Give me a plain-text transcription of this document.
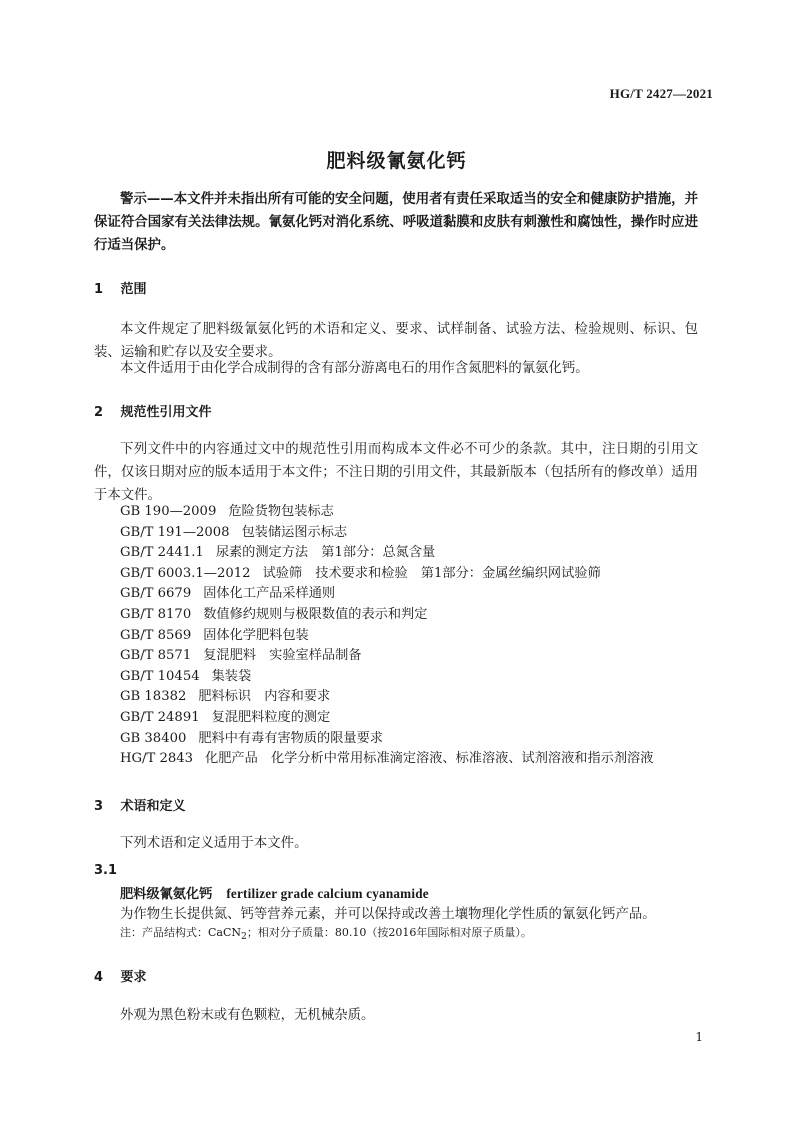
HG/T 2427—2021
肥料级氰氨化钙
警示——本文件并未指出所有可能的安全问题，使用者有责任采取适当的安全和健康防护措施，并保证符合国家有关法律法规。氰氨化钙对消化系统、呼吸道黏膜和皮肤有刺激性和腐蚀性，操作时应进行适当保护。
1 范围
本文件规定了肥料级氰氨化钙的术语和定义、要求、试样制备、试验方法、检验规则、标识、包装、运输和贮存以及安全要求。
本文件适用于由化学合成制得的含有部分游离电石的用作含氮肥料的氰氨化钙。
2 规范性引用文件
下列文件中的内容通过文中的规范性引用而构成本文件必不可少的条款。其中，注日期的引用文件，仅该日期对应的版本适用于本文件；不注日期的引用文件，其最新版本（包括所有的修改单）适用于本文件。
GB 190—2009 危险货物包装标志
GB/T 191—2008 包装储运图示标志
GB/T 2441.1 尿素的测定方法　第1部分：总氮含量
GB/T 6003.1—2012 试验筛　技术要求和检验　第1部分：金属丝编织网试验筛
GB/T 6679 固体化工产品采样通则
GB/T 8170 数值修约规则与极限数值的表示和判定
GB/T 8569 固体化学肥料包装
GB/T 8571 复混肥料　实验室样品制备
GB/T 10454 集装袋
GB 18382 肥料标识　内容和要求
GB/T 24891 复混肥料粒度的测定
GB 38400 肥料中有毒有害物质的限量要求
HG/T 2843 化肥产品　化学分析中常用标准滴定溶液、标准溶液、试剂溶液和指示剂溶液
3 术语和定义
下列术语和定义适用于本文件。
3.1
肥料级氰氨化钙 fertilizer grade calcium cyanamide
为作物生长提供氮、钙等营养元素，并可以保持或改善土壤物理化学性质的氰氨化钙产品。
注：产品结构式：CaCN$_2$；相对分子质量：80.10（按2016年国际相对原子质量）。
4 要求
外观为黑色粉末或有色颗粒，无机械杂质。
1
